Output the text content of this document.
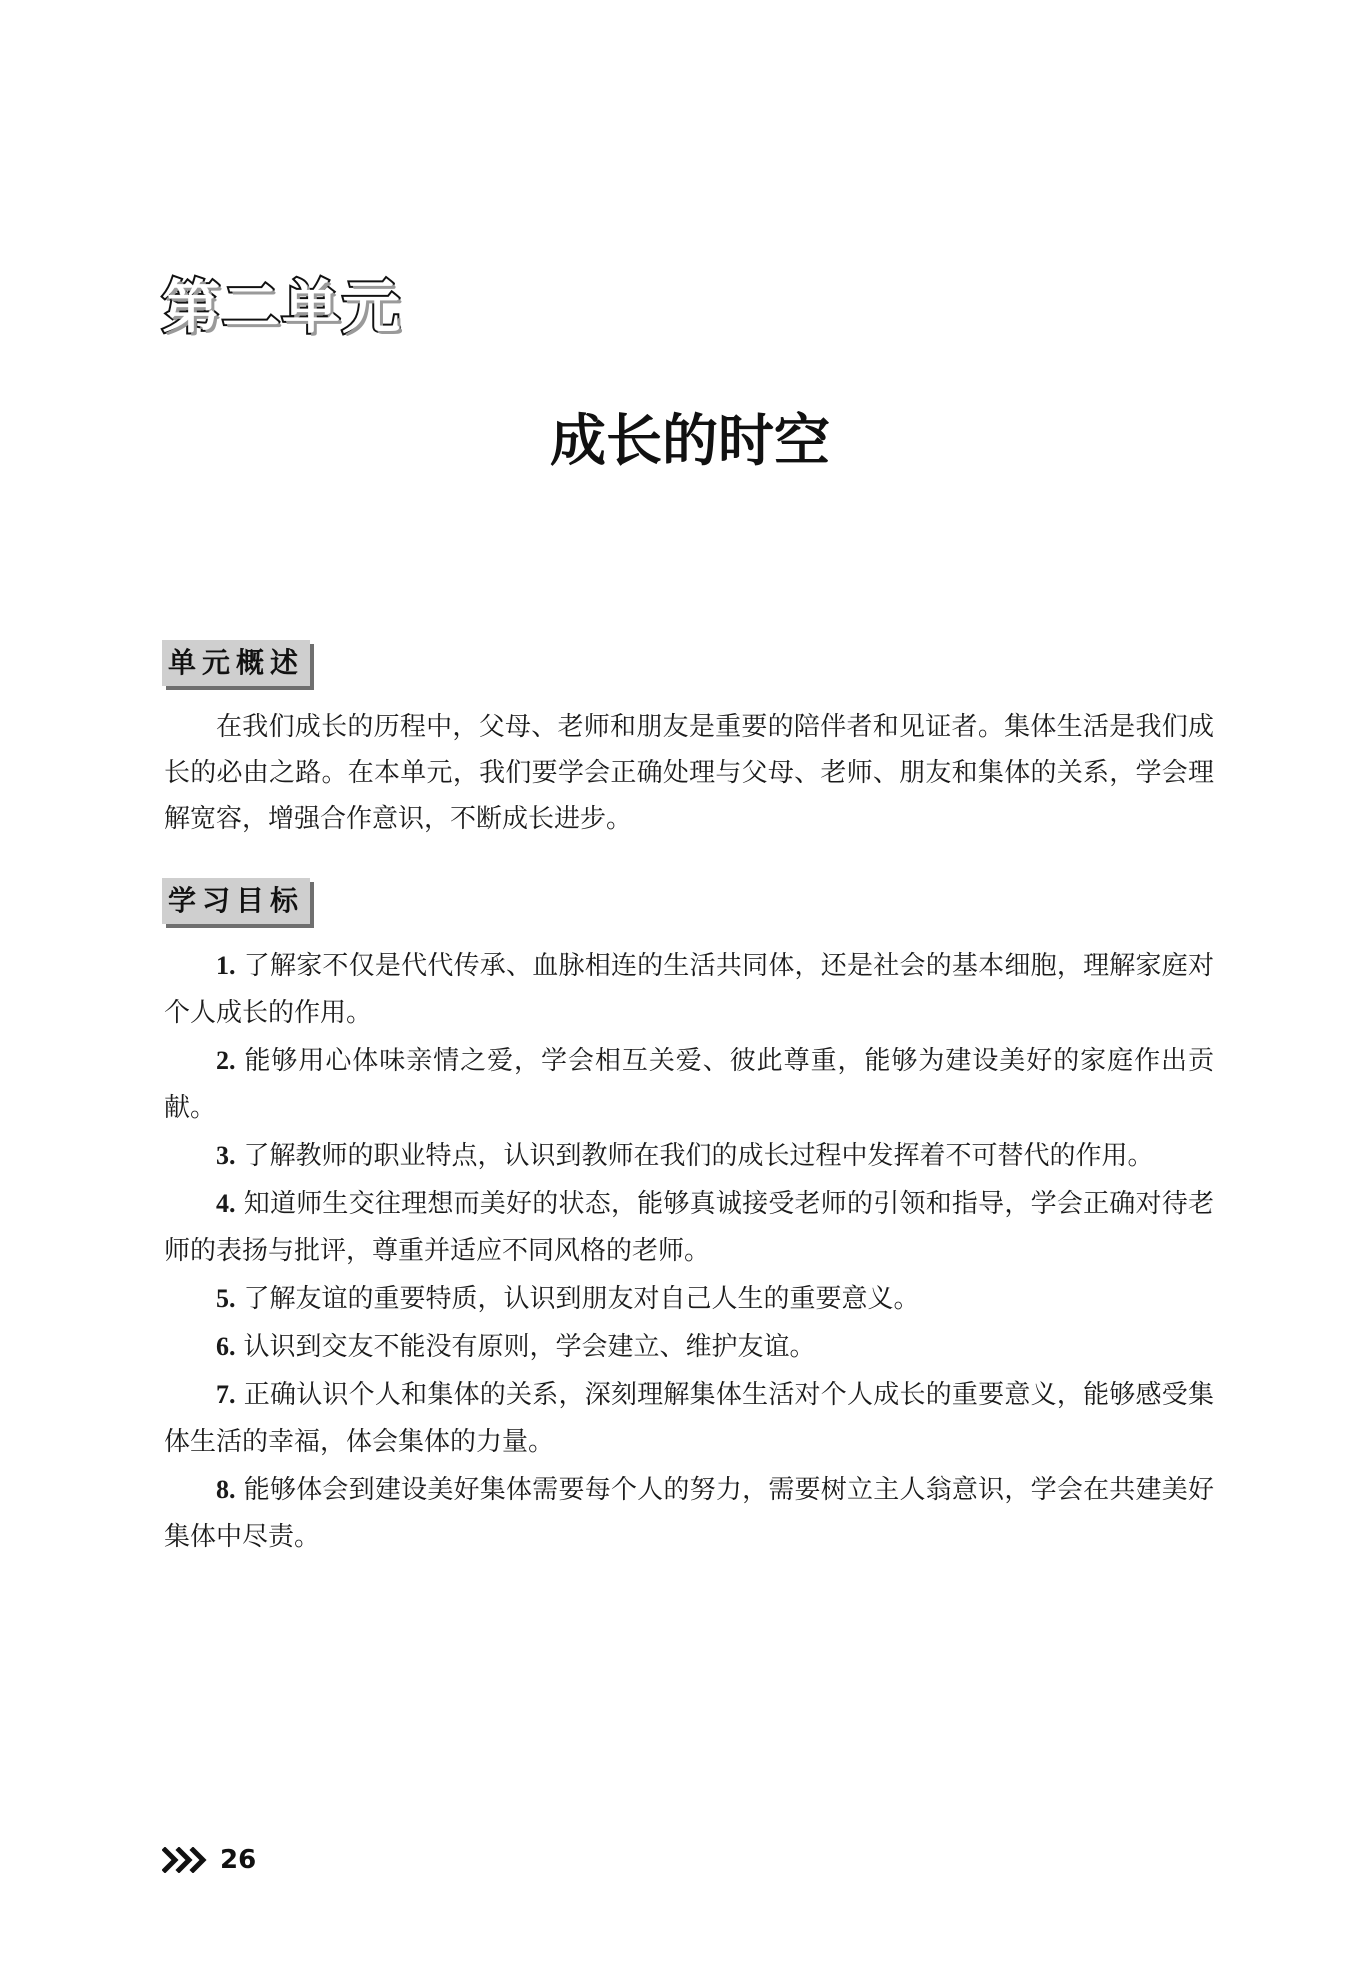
第二单元
成长的时空
单元概述

在我们成长的历程中，父母、老师和朋友是重要的陪伴者和见证者。集体生活是我们成长的必由之路。在本单元，我们要学会正确处理与父母、老师、朋友和集体的关系，学会理解宽容，增强合作意识，不断成长进步。

学习目标
1. 了解家不仅是代代传承、血脉相连的生活共同体，还是社会的基本细胞，理解家庭对个人成长的作用。
2. 能够用心体味亲情之爱，学会相互关爱、彼此尊重，能够为建设美好的家庭作出贡献。
3. 了解教师的职业特点，认识到教师在我们的成长过程中发挥着不可替代的作用。
4. 知道师生交往理想而美好的状态，能够真诚接受老师的引领和指导，学会正确对待老师的表扬与批评，尊重并适应不同风格的老师。
5. 了解友谊的重要特质，认识到朋友对自己人生的重要意义。
6. 认识到交友不能没有原则，学会建立、维护友谊。
7. 正确认识个人和集体的关系，深刻理解集体生活对个人成长的重要意义，能够感受集体生活的幸福，体会集体的力量。
8. 能够体会到建设美好集体需要每个人的努力，需要树立主人翁意识，学会在共建美好集体中尽责。
26
